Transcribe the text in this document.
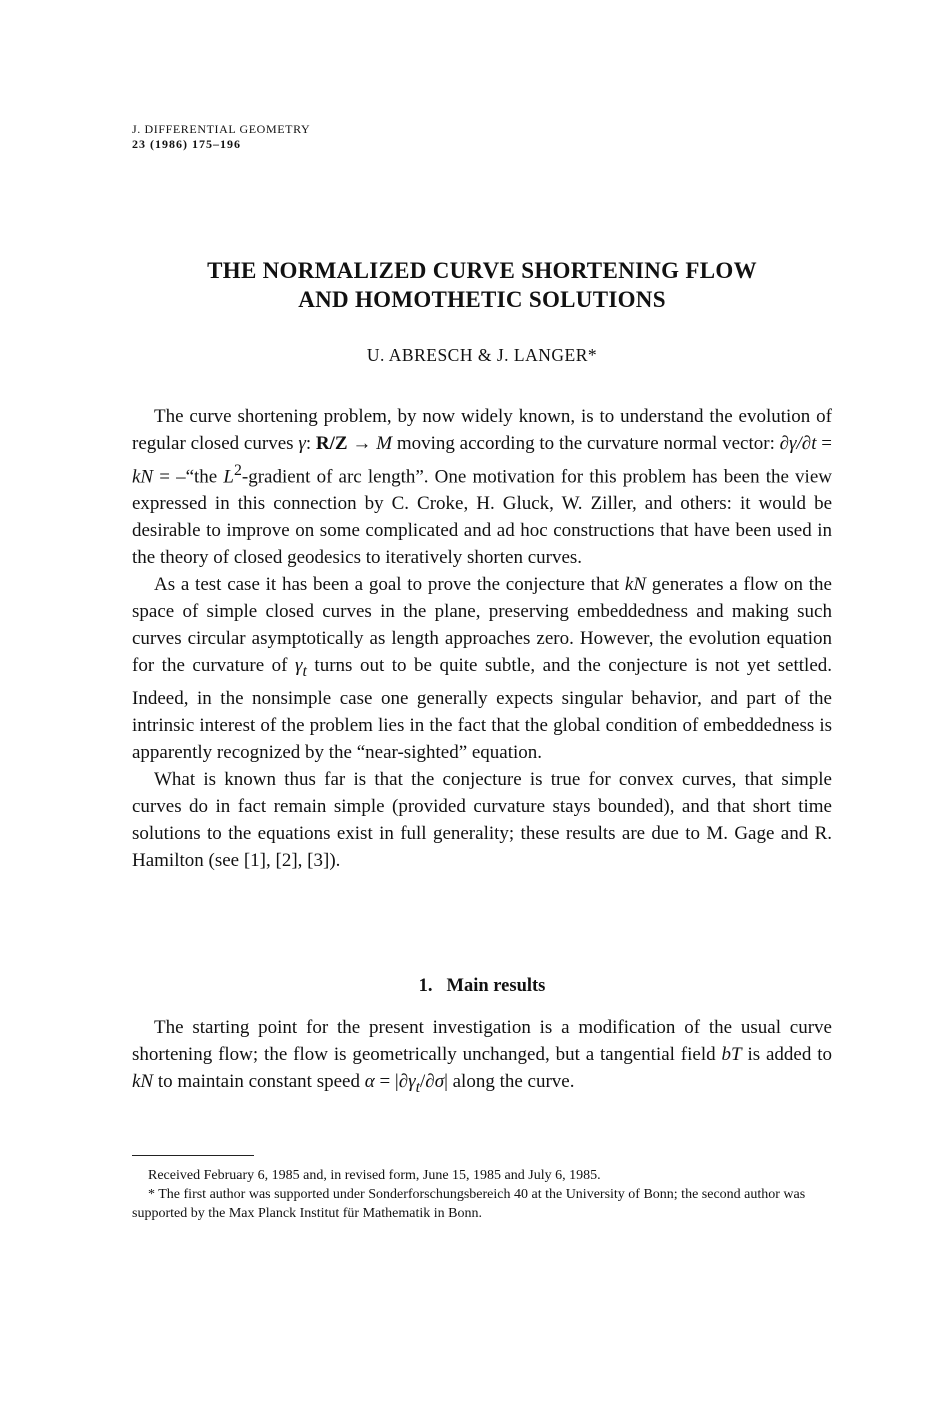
J. DIFFERENTIAL GEOMETRY
23 (1986) 175–196
THE NORMALIZED CURVE SHORTENING FLOW
AND HOMOTHETIC SOLUTIONS
U. ABRESCH & J. LANGER*

The curve shortening problem, by now widely known, is to understand the evolution of regular closed curves γ: R/Z → M moving according to the curvature normal vector: ∂γ/∂t = kN = –“the $L^2$-gradient of arc length”. One motivation for this problem has been the view expressed in this connection by C. Croke, H. Gluck, W. Ziller, and others: it would be desirable to improve on some complicated and ad hoc constructions that have been used in the theory of closed geodesics to iteratively shorten curves.

As a test case it has been a goal to prove the conjecture that kN generates a flow on the space of simple closed curves in the plane, preserving embeddedness and making such curves circular asymptotically as length approaches zero. However, the evolution equation for the curvature of $\gamma_t$ turns out to be quite subtle, and the conjecture is not yet settled. Indeed, in the nonsimple case one generally expects singular behavior, and part of the intrinsic interest of the problem lies in the fact that the global condition of embeddedness is apparently recognized by the “near-sighted” equation.

What is known thus far is that the conjecture is true for convex curves, that simple curves do in fact remain simple (provided curvature stays bounded), and that short time solutions to the equations exist in full generality; these results are due to M. Gage and R. Hamilton (see [1], [2], [3]).

1. Main results

The starting point for the present investigation is a modification of the usual curve shortening flow; the flow is geometrically unchanged, but a tangential field bT is added to kN to maintain constant speed $\alpha = |\partial\gamma_t/\partial\sigma|$ along the curve.

Received February 6, 1985 and, in revised form, June 15, 1985 and July 6, 1985.

* The first author was supported under Sonderforschungsbereich 40 at the University of Bonn; the second author was supported by the Max Planck Institut für Mathematik in Bonn.
